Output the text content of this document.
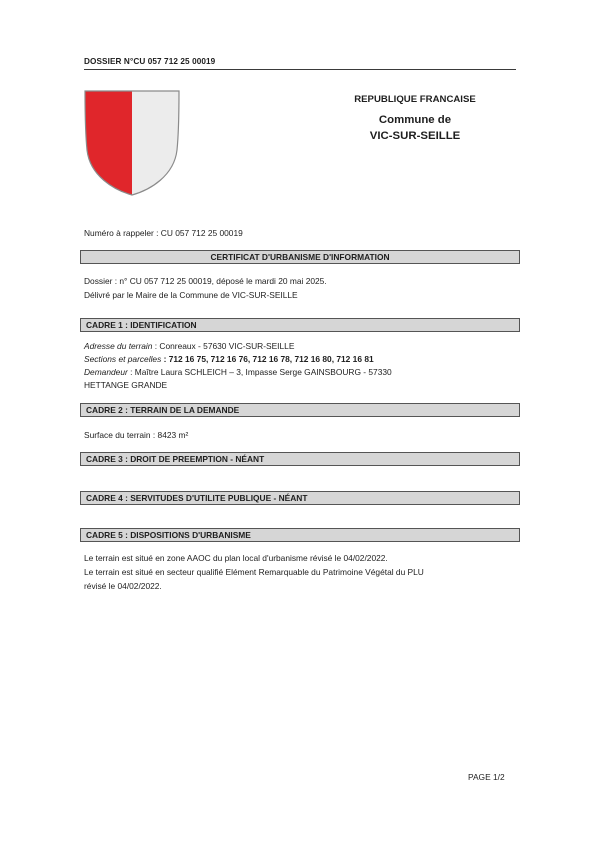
DOSSIER N°CU 057 712 25 00019
REPUBLIQUE FRANCAISE
Commune de
VIC-SUR-SEILLE
Numéro à rappeler : CU 057 712 25 00019
CERTIFICAT D'URBANISME D'INFORMATION
Dossier : n° CU 057 712 25 00019, déposé le mardi 20 mai 2025.
Délivré par le Maire de la Commune de VIC-SUR-SEILLE
CADRE 1 : IDENTIFICATION
Adresse du terrain : Conreaux - 57630 VIC-SUR-SEILLE
Sections et parcelles : 712 16 75, 712 16 76, 712 16 78, 712 16 80, 712 16 81
Demandeur : Maître Laura SCHLEICH – 3, Impasse Serge GAINSBOURG - 57330
HETTANGE GRANDE
CADRE 2 : TERRAIN DE LA DEMANDE
Surface du terrain : 8423 m²
CADRE 3 : DROIT DE PREEMPTION - NÉANT
CADRE 4 : SERVITUDES D'UTILITE PUBLIQUE - NÉANT
CADRE 5 : DISPOSITIONS D'URBANISME
Le terrain est situé en zone AAOC du plan local d'urbanisme révisé le 04/02/2022.
Le terrain est situé en secteur qualifié Elément Remarquable du Patrimoine Végétal du PLU
révisé le 04/02/2022.
PAGE 1/2
